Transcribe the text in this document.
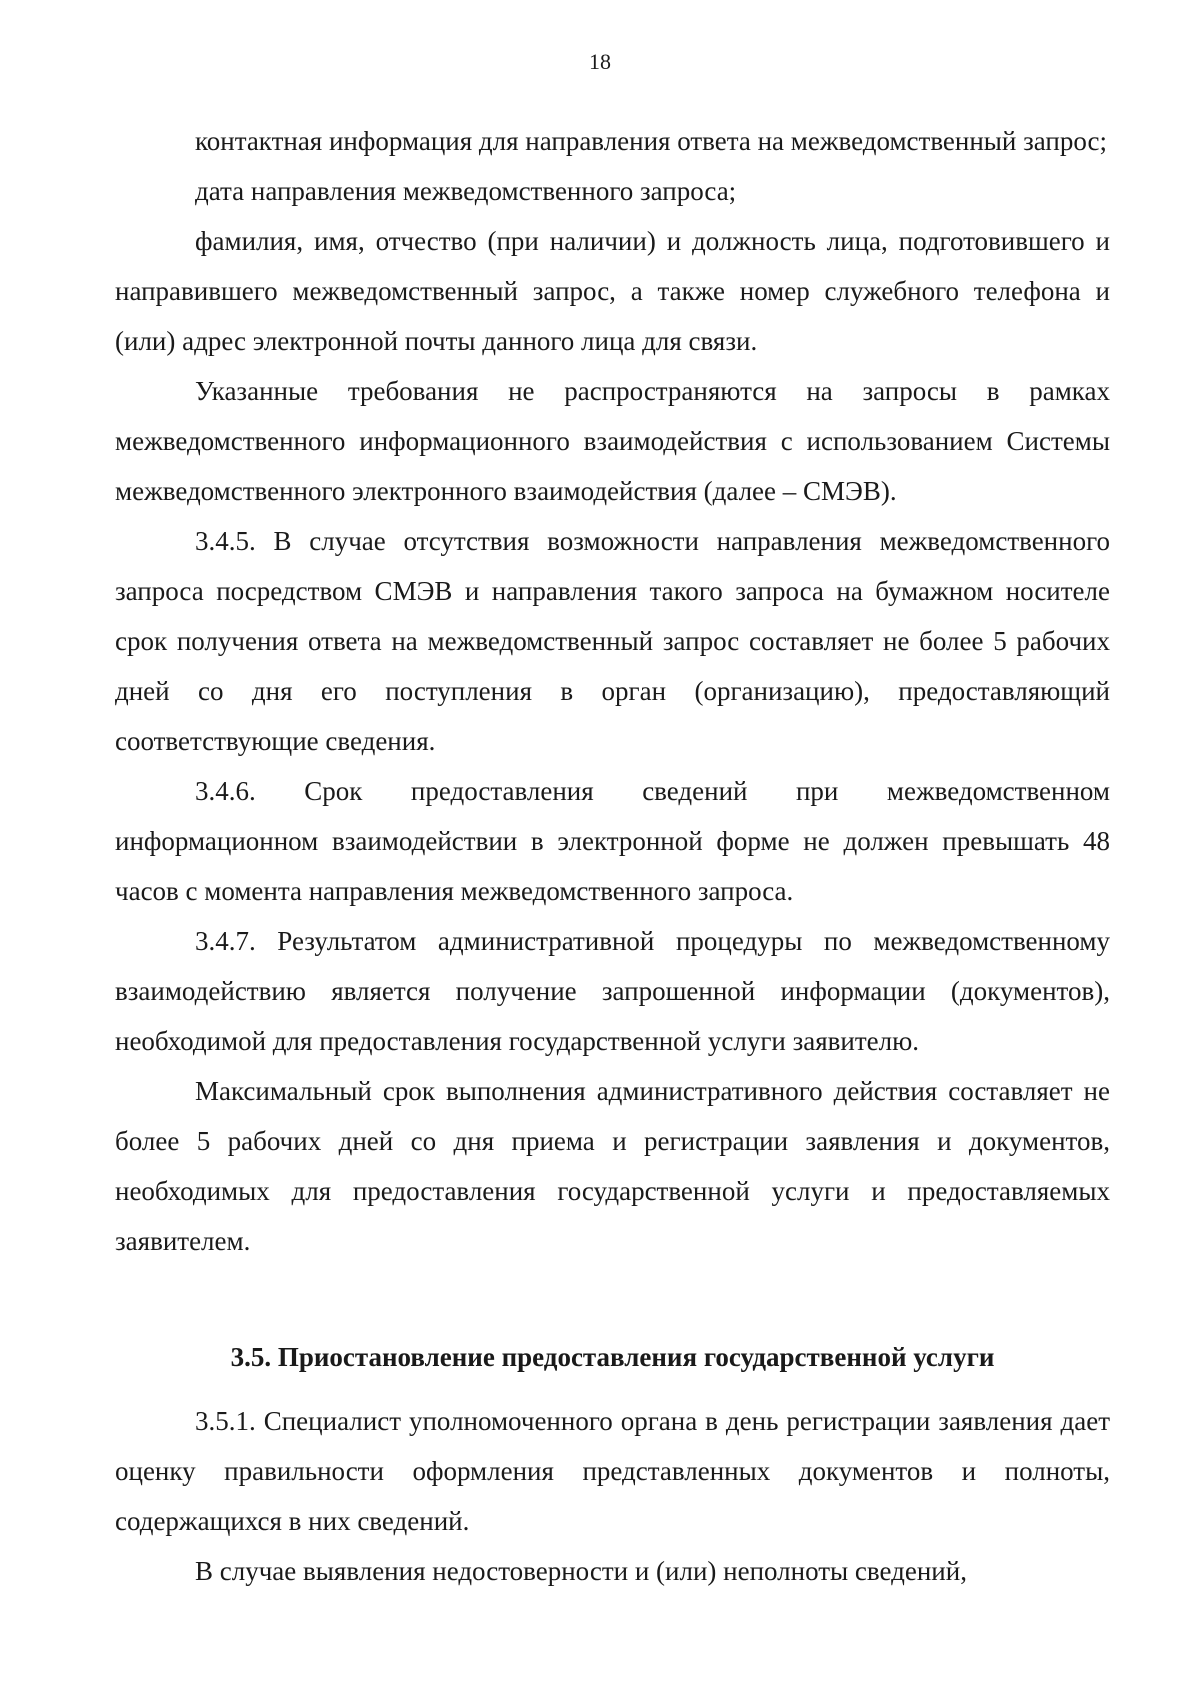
18

контактная информация для направления ответа на межведомственный запрос;

дата направления межведомственного запроса;

фамилия, имя, отчество (при наличии) и должность лица, подготовившего и направившего межведомственный запрос, а также номер служебного телефона и (или) адрес электронной почты данного лица для связи.

Указанные требования не распространяются на запросы в рамках межведомственного информационного взаимодействия с использованием Системы межведомственного электронного взаимодействия (далее – СМЭВ).

3.4.5. В случае отсутствия возможности направления межведомственного запроса посредством СМЭВ и направления такого запроса на бумажном носителе срок получения ответа на межведомственный запрос составляет не более 5 рабочих дней со дня его поступления в орган (организацию), предоставляющий соответствующие сведения.

3.4.6. Срок предоставления сведений при межведомственном информационном взаимодействии в электронной форме не должен превышать 48 часов с момента направления межведомственного запроса.

3.4.7. Результатом административной процедуры по межведомственному взаимодействию является получение запрошенной информации (документов), необходимой для предоставления государственной услуги заявителю.

Максимальный срок выполнения административного действия составляет не более 5 рабочих дней со дня приема и регистрации заявления и документов, необходимых для предоставления государственной услуги и предоставляемых заявителем.

3.5. Приостановление предоставления государственной услуги

3.5.1. Специалист уполномоченного органа в день регистрации заявления дает оценку правильности оформления представленных документов и полноты, содержащихся в них сведений.

В случае выявления недостоверности и (или) неполноты сведений,
